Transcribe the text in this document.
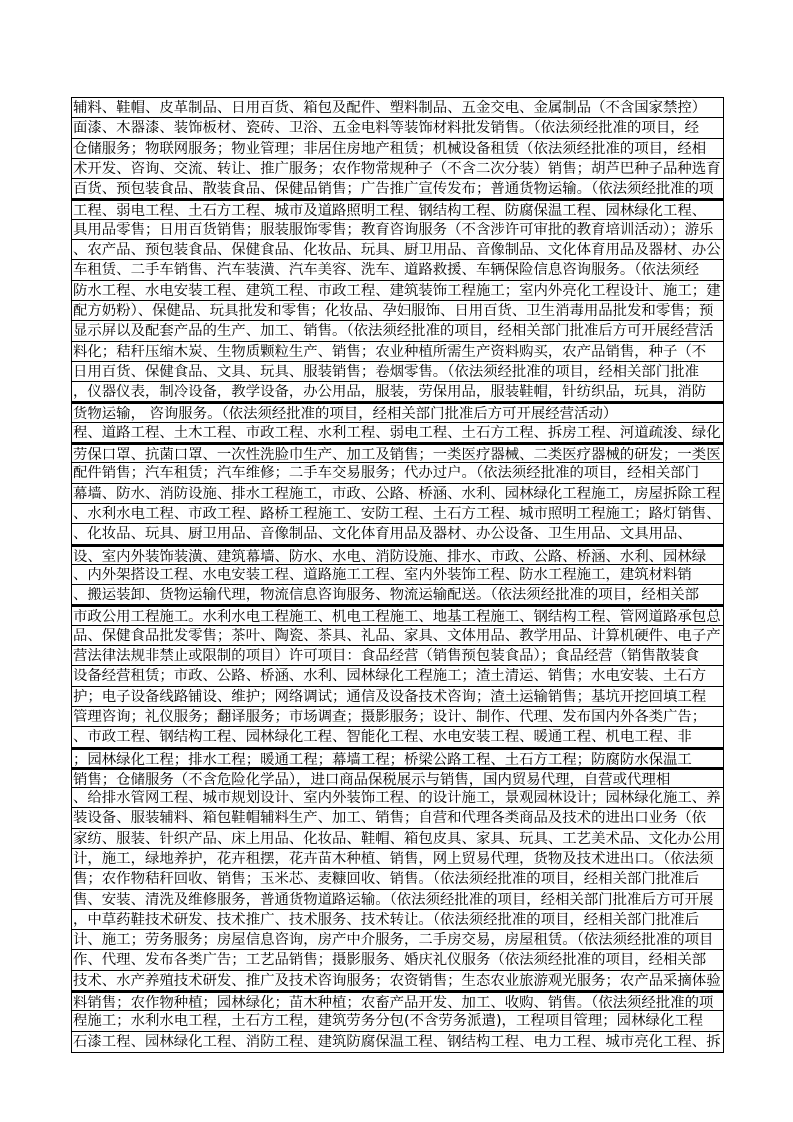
辅料、鞋帽、皮革制品、日用百货、箱包及配件、塑料制品、五金交电、金属制品（不含国家禁控）
面漆、木器漆、装饰板材、瓷砖、卫浴、五金电料等装饰材料批发销售。（依法须经批准的项目，经
仓储服务；物联网服务；物业管理；非居住房地产租赁；机械设备租赁（依法须经批准的项目，经相
术开发、咨询、交流、转让、推广服务；农作物常规种子（不含二次分装）销售；胡芦巴种子品种选育
百货、预包装食品、散装食品、保健品销售；广告推广宣传发布；普通货物运输。（依法须经批准的项
工程、弱电工程、土石方工程、城市及道路照明工程、钢结构工程、防腐保温工程、园林绿化工程、
具用品零售；日用百货销售；服装服饰零售；教育咨询服务（不含涉许可审批的教育培训活动）；游乐
、农产品、预包装食品、保健食品、化妆品、玩具、厨卫用品、音像制品、文化体育用品及器材、办公
车租赁、二手车销售、汽车装潢、汽车美容、洗车、道路救援、车辆保险信息咨询服务。（依法须经
防水工程、水电安装工程、建筑工程、市政工程、建筑装饰工程施工；室内外亮化工程设计、施工；建
配方奶粉）、保健品、玩具批发和零售；化妆品、孕妇服饰、日用百货、卫生消毒用品批发和零售；预
显示屏以及配套产品的生产、加工、销售。（依法须经批准的项目，经相关部门批准后方可开展经营活
料化；秸秆压缩木炭、生物质颗粒生产、销售；农业种植所需生产资料购买，农产品销售，种子（不
日用百货、保健食品、文具、玩具、服装销售；卷烟零售。（依法须经批准的项目，经相关部门批准
，仪器仪表，制冷设备，教学设备，办公用品，服装，劳保用品，服装鞋帽，针纺织品，玩具，消防
货物运输， 咨询服务。（依法须经批准的项目，经相关部门批准后方可开展经营活动）
程、道路工程、土木工程、市政工程、水利工程、弱电工程、土石方工程、拆房工程、河道疏浚、绿化
劳保口罩、抗菌口罩、一次性洗脸巾生产、加工及销售；一类医疗器械、二类医疗器械的研发；一类医
配件销售；汽车租赁；汽车维修；二手车交易服务；代办过户。（依法须经批准的项目，经相关部门
幕墙、防水、消防设施、排水工程施工，市政、公路、桥涵、水利、园林绿化工程施工，房屋拆除工程
、水利水电工程、市政工程、路桥工程施工、安防工程、土石方工程、城市照明工程施工；路灯销售、
、化妆品、玩具、厨卫用品、音像制品、文化体育用品及器材、办公设备、卫生用品、文具用品、
设、室内外装饰装潢、建筑幕墙、防水、水电、消防设施、排水、市政、公路、桥涵、水利、园林绿
、内外架搭设工程、水电安装工程、道路施工工程、室内外装饰工程、防水工程施工，建筑材料销
、搬运装卸、货物运输代理，物流信息咨询服务、物流运输配送。（依法须经批准的项目，经相关部
市政公用工程施工。水利水电工程施工、机电工程施工、地基工程施工、钢结构工程、管网道路承包总
品、保健食品批发零售；茶叶、陶瓷、茶具、礼品、家具、文体用品、教学用品、计算机硬件、电子产
营法律法规非禁止或限制的项目）许可项目：食品经营（销售预包装食品）；食品经营（销售散装食
设备经营租赁；市政、公路、桥涵、水利、园林绿化工程施工；渣土清运、销售；水电安装、土石方
护；电子设备线路铺设、维护；网络调试；通信及设备技术咨询；渣土运输销售；基坑开挖回填工程
管理咨询；礼仪服务；翻译服务；市场调查；摄影服务；设计、制作、代理、发布国内外各类广告；
、市政工程、钢结构工程、园林绿化工程、智能化工程、水电安装工程、暖通工程、机电工程、非
；园林绿化工程；排水工程；暖通工程；幕墙工程；桥梁公路工程、土石方工程；防腐防水保温工
销售；仓储服务（不含危险化学品），进口商品保税展示与销售，国内贸易代理，自营或代理相
、给排水管网工程、城市规划设计、室内外装饰工程、的设计施工，景观园林设计；园林绿化施工、养
装设备、服装辅料、箱包鞋帽辅料生产、加工、销售；自营和代理各类商品及技术的进出口业务（依
家纺、服装、针织产品、床上用品、化妆品、鞋帽、箱包皮具、家具、玩具、工艺美术品、文化办公用
计，施工，绿地养护，花卉租摆，花卉苗木种植、销售，网上贸易代理，货物及技术进出口。（依法须
售；农作物秸秆回收、销售；玉米芯、麦糠回收、销售。（依法须经批准的项目，经相关部门批准后
售、安装、清洗及维修服务，普通货物道路运输。（依法须经批准的项目，经相关部门批准后方可开展
，中草药鞋技术研发、技术推广、技术服务、技术转让。（依法须经批准的项目，经相关部门批准后
计、施工；劳务服务；房屋信息咨询，房产中介服务，二手房交易，房屋租赁。（依法须经批准的项目
作、代理、发布各类广告；工艺品销售；摄影服务、婚庆礼仪服务（依法须经批准的项目，经相关部
技术、水产养殖技术研发、推广及技术咨询服务；农资销售；生态农业旅游观光服务；农产品采摘体验
料销售；农作物种植；园林绿化；苗木种植；农畜产品开发、加工、收购、销售。（依法须经批准的项
程施工；水利水电工程，土石方工程，建筑劳务分包(不含劳务派遣)，工程项目管理；园林绿化工程
石漆工程、园林绿化工程、消防工程、建筑防腐保温工程、钢结构工程、电力工程、城市亮化工程、拆
